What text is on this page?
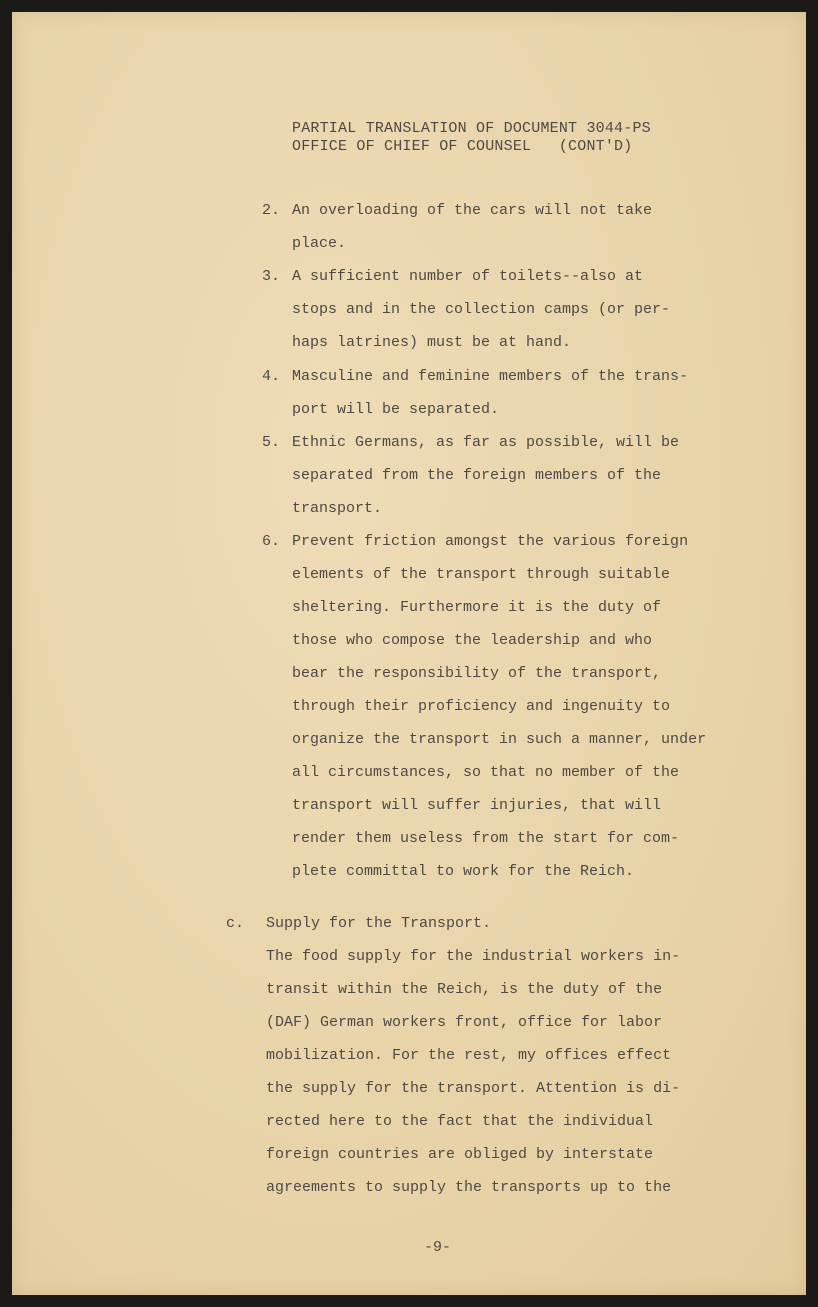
PARTIAL TRANSLATION OF DOCUMENT 3044-PS
OFFICE OF CHIEF OF COUNSEL   (CONT'D)
2. An overloading of the cars will not take
place.
3. A sufficient number of toilets--also at
stops and in the collection camps (or per-
haps latrines) must be at hand.
4. Masculine and feminine members of the trans-
port will be separated.
5. Ethnic Germans, as far as possible, will be
separated from the foreign members of the
transport.
6. Prevent friction amongst the various foreign
elements of the transport through suitable
sheltering. Furthermore it is the duty of
those who compose the leadership and who
bear the responsibility of the transport,
through their proficiency and ingenuity to
organize the transport in such a manner, under
all circumstances, so that no member of the
transport will suffer injuries, that will
render them useless from the start for com-
plete committal to work for the Reich.
c. Supply for the Transport.
The food supply for the industrial workers in-
transit within the Reich, is the duty of the
(DAF) German workers front, office for labor
mobilization. For the rest, my offices effect
the supply for the transport. Attention is di-
rected here to the fact that the individual
foreign countries are obliged by interstate
agreements to supply the transports up to the
-9-
